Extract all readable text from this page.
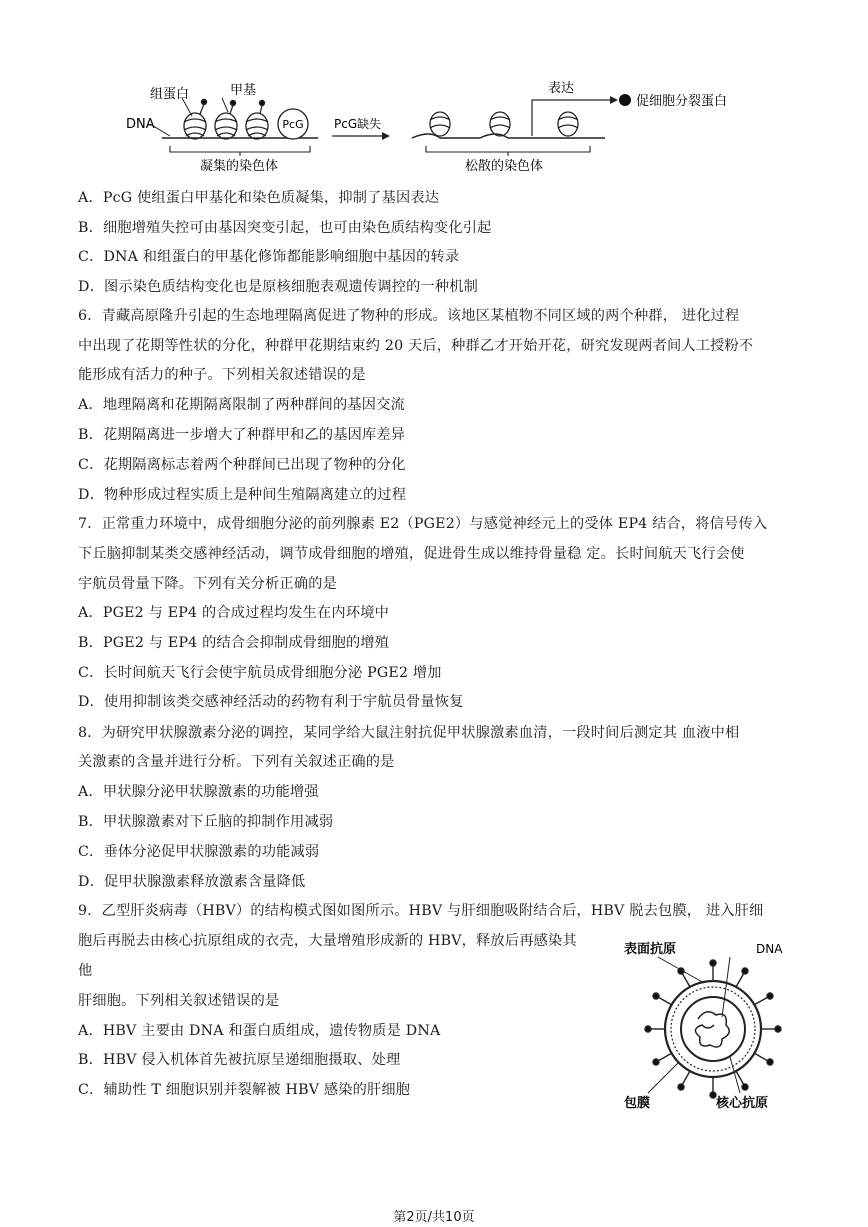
PcG
组蛋白	甲基
DNA
凝集的染色体
PcG缺失
表达
促细胞分裂蛋白
松散的染色体
A．PcG 使组蛋白甲基化和染色质凝集，抑制了基因表达
B．细胞增殖失控可由基因突变引起，也可由染色质结构变化引起
C．DNA 和组蛋白的甲基化修饰都能影响细胞中基因的转录
D．图示染色质结构变化也是原核细胞表观遗传调控的一种机制
6．青藏高原隆升引起的生态地理隔离促进了物种的形成。该地区某植物不同区域的两个种群， 进化过程
中出现了花期等性状的分化，种群甲花期结束约 20 天后，种群乙才开始开花，研究发现两者间人工授粉不
能形成有活力的种子。下列相关叙述错误的是
A．地理隔离和花期隔离限制了两种群间的基因交流
B．花期隔离进一步增大了种群甲和乙的基因库差异
C．花期隔离标志着两个种群间已出现了物种的分化
D．物种形成过程实质上是种间生殖隔离建立的过程
7．正常重力环境中，成骨细胞分泌的前列腺素 E2（PGE2）与感觉神经元上的受体 EP4 结合，将信号传入
下丘脑抑制某类交感神经活动，调节成骨细胞的增殖，促进骨生成以维持骨量稳 定。长时间航天飞行会使
宇航员骨量下降。下列有关分析正确的是
A．PGE2 与 EP4 的合成过程均发生在内环境中
B．PGE2 与 EP4 的结合会抑制成骨细胞的增殖
C．长时间航天飞行会使宇航员成骨细胞分泌 PGE2 增加
D．使用抑制该类交感神经活动的药物有利于宇航员骨量恢复
8．为研究甲状腺激素分泌的调控，某同学给大鼠注射抗促甲状腺激素血清，一段时间后测定其 血液中相
关激素的含量并进行分析。下列有关叙述正确的是
A．甲状腺分泌甲状腺激素的功能增强
B．甲状腺激素对下丘脑的抑制作用减弱
C．垂体分泌促甲状腺激素的功能减弱
D．促甲状腺激素释放激素含量降低
9．乙型肝炎病毒（HBV）的结构模式图如图所示。HBV 与肝细胞吸附结合后，HBV 脱去包膜， 进入肝细
胞后再脱去由核心抗原组成的衣壳，大量增殖形成新的 HBV，释放后再感染其
他
肝细胞。下列相关叙述错误的是
A．HBV 主要由 DNA 和蛋白质组成，遗传物质是 DNA
B．HBV 侵入机体首先被抗原呈递细胞摄取、处理
C．辅助性 T 细胞识别并裂解被 HBV 感染的肝细胞
表面抗原	DNA
包膜	核心抗原
第2页/共10页
